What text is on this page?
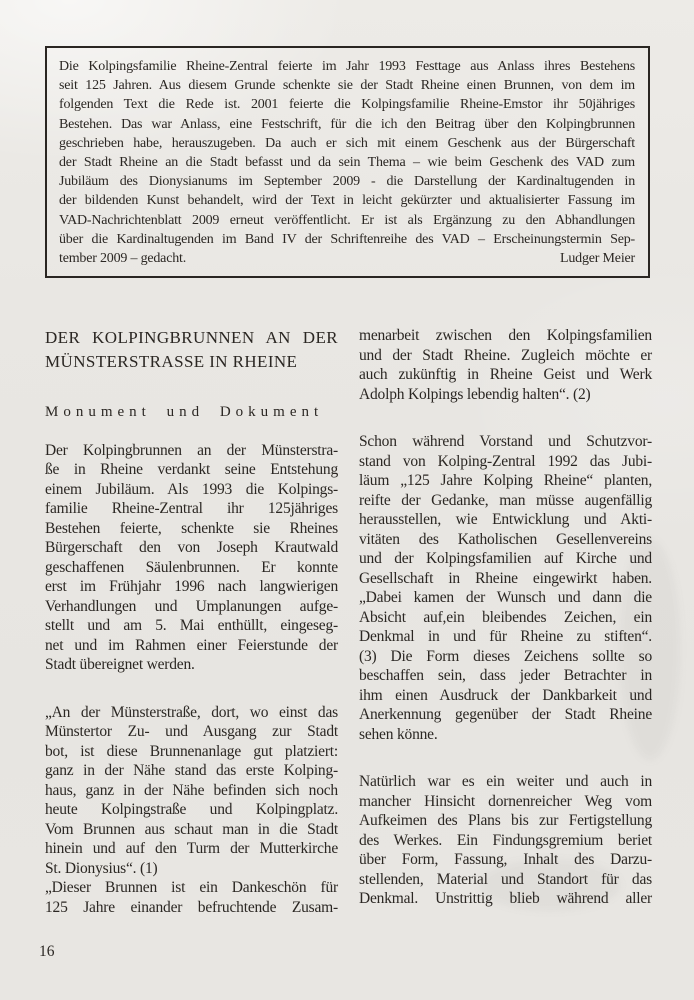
Die Kolpingsfamilie Rheine-Zentral feierte im Jahr 1993 Festtage aus Anlass ihres Bestehens
seit 125 Jahren. Aus diesem Grunde schenkte sie der Stadt Rheine einen Brunnen, von dem im
folgenden Text die Rede ist. 2001 feierte die Kolpingsfamilie Rheine-Emstor ihr 50jähriges
Bestehen. Das war Anlass, eine Festschrift, für die ich den Beitrag über den Kolpingbrunnen
geschrieben habe, herauszugeben. Da auch er sich mit einem Geschenk aus der Bürgerschaft
der Stadt Rheine an die Stadt befasst und da sein Thema – wie beim Geschenk des VAD zum
Jubiläum des Dionysianums im September 2009 - die Darstellung der Kardinaltugenden in
der bildenden Kunst behandelt, wird der Text in leicht gekürzter und aktualisierter Fassung im
VAD-Nachrichtenblatt 2009 erneut veröffentlicht. Er ist als Ergänzung zu den Abhandlungen
über die Kardinaltugenden im Band IV der Schriftenreihe des VAD – Erscheinungstermin Sep-
tember 2009 – gedacht.	Ludger Meier
DER KOLPINGBRUNNEN AN DER
MÜNSTERSTRASSE IN RHEINE
Monument und Dokument
Der Kolpingbrunnen an der Münsterstra-
ße in Rheine verdankt seine Entstehung
einem Jubiläum. Als 1993 die Kolpings-
familie Rheine-Zentral ihr 125jähriges
Bestehen feierte, schenkte sie Rheines
Bürgerschaft den von Joseph Krautwald
geschaffenen Säulenbrunnen. Er konnte
erst im Frühjahr 1996 nach langwierigen
Verhandlungen und Umplanungen aufge-
stellt und am 5. Mai enthüllt, eingeseg-
net und im Rahmen einer Feierstunde der
Stadt übereignet werden.
„An der Münsterstraße, dort, wo einst das
Münstertor Zu- und Ausgang zur Stadt
bot, ist diese Brunnenanlage gut platziert:
ganz in der Nähe stand das erste Kolping-
haus, ganz in der Nähe befinden sich noch
heute Kolpingstraße und Kolpingplatz.
Vom Brunnen aus schaut man in die Stadt
hinein und auf den Turm der Mutterkirche
St. Dionysius“. (1)
„Dieser Brunnen ist ein Dankeschön für
125 Jahre einander befruchtende Zusam-
menarbeit zwischen den Kolpingsfamilien
und der Stadt Rheine. Zugleich möchte er
auch zukünftig in Rheine Geist und Werk
Adolph Kolpings lebendig halten“. (2)
Schon während Vorstand und Schutzvor-
stand von Kolping-Zentral 1992 das Jubi-
läum „125 Jahre Kolping Rheine“ planten,
reifte der Gedanke, man müsse augenfällig
herausstellen, wie Entwicklung und Akti-
vitäten des Katholischen Gesellenvereins
und der Kolpingsfamilien auf Kirche und
Gesellschaft in Rheine eingewirkt haben.
„Dabei kamen der Wunsch und dann die
Absicht auf,ein bleibendes Zeichen, ein
Denkmal in und für Rheine zu stiften“.
(3) Die Form dieses Zeichens sollte so
beschaffen sein, dass jeder Betrachter in
ihm einen Ausdruck der Dankbarkeit und
Anerkennung gegenüber der Stadt Rheine
sehen könne.
Natürlich war es ein weiter und auch in
mancher Hinsicht dornenreicher Weg vom
Aufkeimen des Plans bis zur Fertigstellung
des Werkes. Ein Findungsgremium beriet
über Form, Fassung, Inhalt des Darzu-
stellenden, Material und Standort für das
Denkmal. Unstrittig blieb während aller
16
